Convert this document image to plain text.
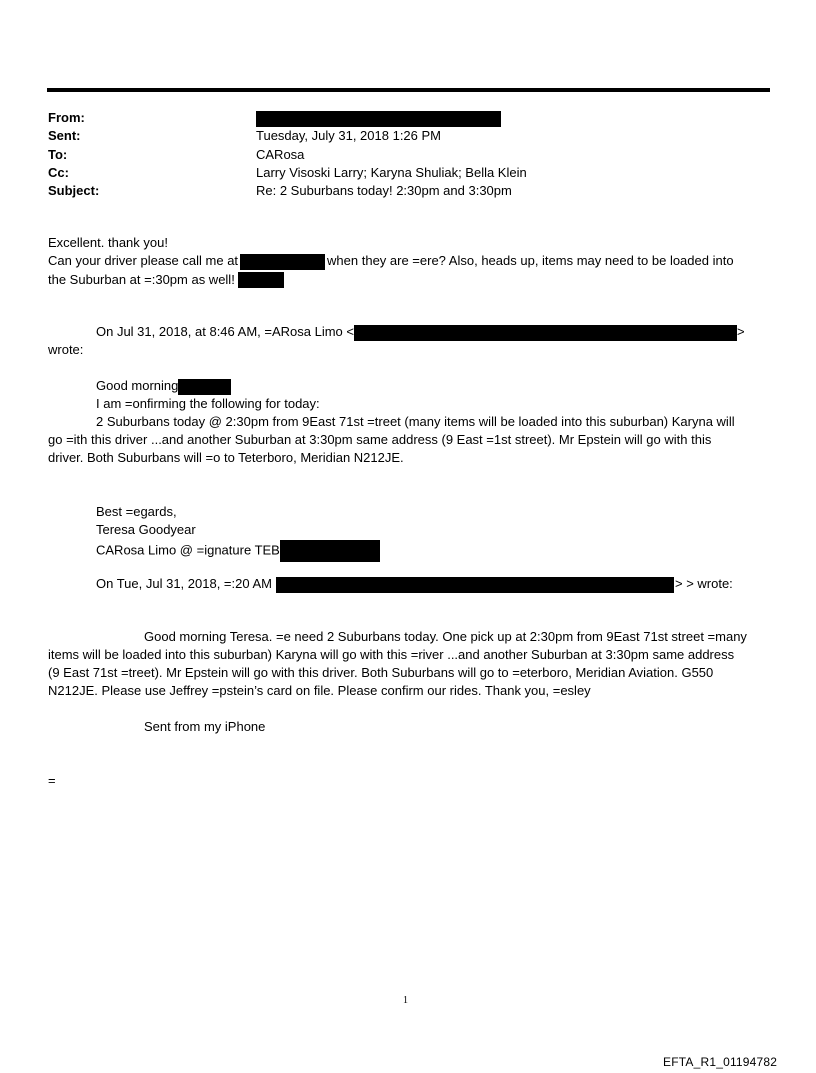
From:
Sent:	Tuesday, July 31, 2018 1:26 PM
To:	CARosa
Cc:	Larry Visoski Larry; Karyna Shuliak; Bella Klein
Subject:	Re: 2 Suburbans today! 2:30pm and 3:30pm
Excellent. thank you!
Can your driver please call me at	when they are =ere? Also, heads up, items may need to be loaded into
the Suburban at =:30pm as well!
On Jul 31, 2018, at 8:46 AM, =ARosa Limo <	>
wrote:
Good morning
I am =onfirming the following for today:
2 Suburbans today @ 2:30pm from 9East 71st =treet (many items will be loaded into this suburban) Karyna will
go =ith this driver ...and another Suburban at 3:30pm same address (9 East =1st street). Mr Epstein will go with this
driver. Both Suburbans will =o to Teterboro, Meridian N212JE.
Best =egards,
Teresa Goodyear
CARosa Limo @ =ignature TEB
On Tue, Jul 31, 2018, =:20 AM	> > wrote:
Good morning Teresa. =e need 2 Suburbans today. One pick up at 2:30pm from 9East 71st street =many
items will be loaded into this suburban) Karyna will go with this =river ...and another Suburban at 3:30pm same address
(9 East 71st =treet). Mr Epstein will go with this driver. Both Suburbans will go to =eterboro, Meridian Aviation. G550
N212JE. Please use Jeffrey =pstein’s card on file. Please confirm our rides. Thank you, =esley
Sent from my iPhone
=
1
EFTA_R1_01194782
